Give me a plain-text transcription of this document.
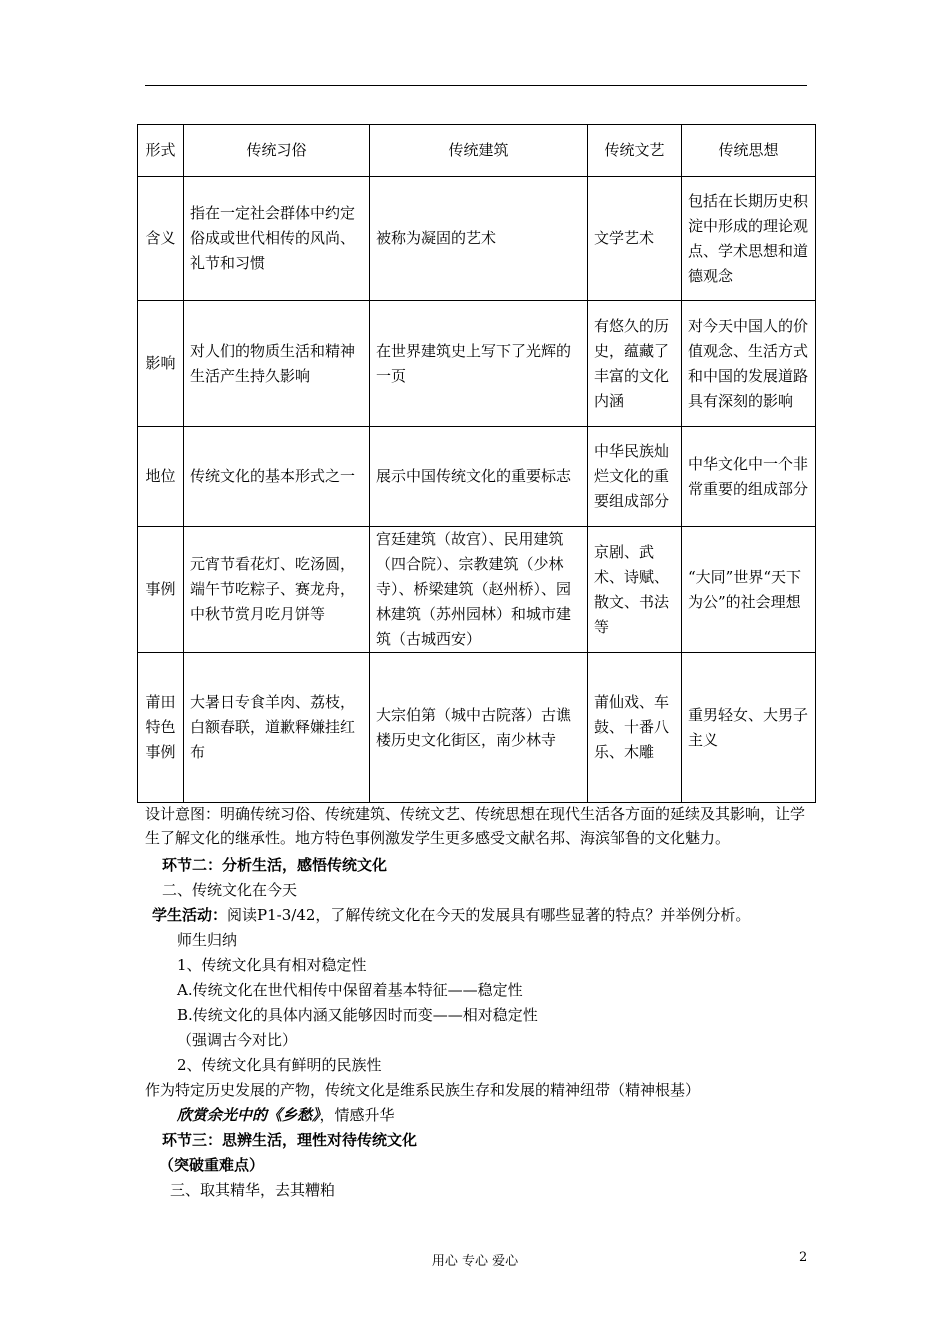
形式	传统习俗	传统建筑	传统文艺	传统思想
含义	指在一定社会群体中约定俗成或世代相传的风尚、礼节和习惯	被称为凝固的艺术	文学艺术	包括在长期历史积淀中形成的理论观点、学术思想和道德观念
影响	对人们的物质生活和精神生活产生持久影响	在世界建筑史上写下了光辉的一页	有悠久的历史，蕴藏了丰富的文化内涵	对今天中国人的价值观念、生活方式和中国的发展道路具有深刻的影响
地位	传统文化的基本形式之一	展示中国传统文化的重要标志	中华民族灿烂文化的重要组成部分	中华文化中一个非常重要的组成部分
事例	元宵节看花灯、吃汤圆，端午节吃粽子、赛龙舟，中秋节赏月吃月饼等	宫廷建筑（故宫）、民用建筑（四合院）、宗教建筑（少林寺）、桥梁建筑（赵州桥）、园林建筑（苏州园林）和城市建筑（古城西安）	京剧、武术、诗赋、散文、书法等	“大同”世界“天下为公”的社会理想
莆田特色事例	大暑日专食羊肉、荔枝，白额春联，道歉释嫌挂红布	大宗伯第（城中古院落）古谯楼历史文化街区，南少林寺	莆仙戏、车鼓、十番八乐、木雕	重男轻女、大男子主义
设计意图：明确传统习俗、传统建筑、传统文艺、传统思想在现代生活各方面的延续及其影响，让学生了解文化的继承性。地方特色事例激发学生更多感受文献名邦、海滨邹鲁的文化魅力。
环节二：分析生活，感悟传统文化
二、传统文化在今天
学生活动：阅读P1-3/42，了解传统文化在今天的发展具有哪些显著的特点？并举例分析。
师生归纳
1、传统文化具有相对稳定性
A.传统文化在世代相传中保留着基本特征——稳定性
B.传统文化的具体内涵又能够因时而变——相对稳定性
（强调古今对比）
2、传统文化具有鲜明的民族性
作为特定历史发展的产物，传统文化是维系民族生存和发展的精神纽带（精神根基）
欣赏余光中的《乡愁》，情感升华
环节三：思辨生活，理性对待传统文化
（突破重难点）
三、取其精华，去其糟粕
用心 专心 爱心	2
